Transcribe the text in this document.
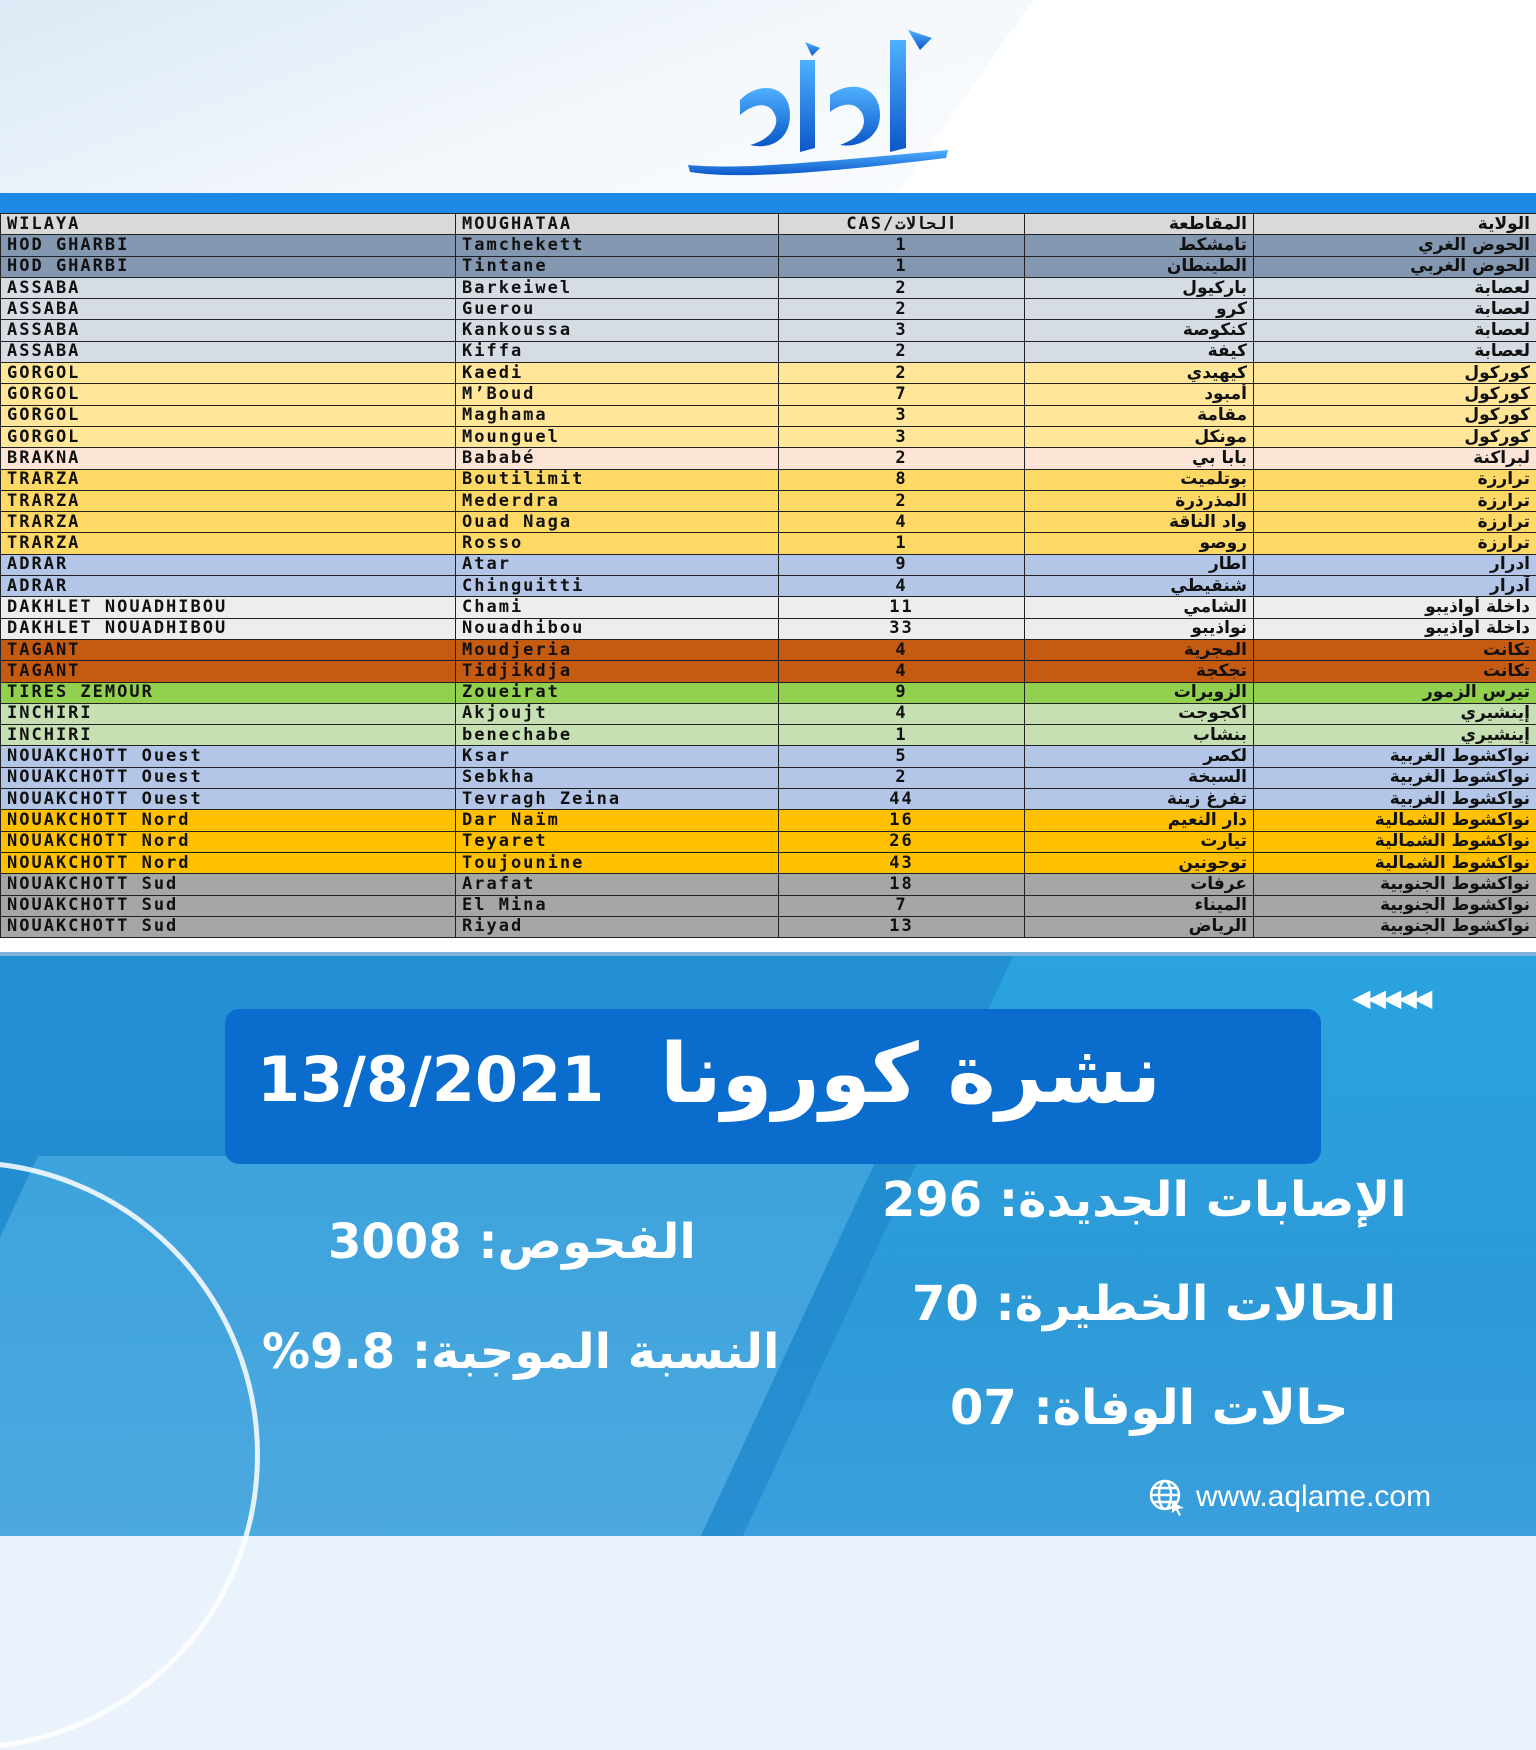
أقلام
WILAYA	MOUGHATAA	CAS/الحالات	المقاطعة	الولاية
HOD GHARBI	Tamchekett	1	تامشكط	الحوض الغري
HOD GHARBI	Tintane	1	الطينطان	الحوض الغربي
ASSABA	Barkeiwel	2	باركيول	لعصابة
ASSABA	Guerou	2	كرو	لعصابة
ASSABA	Kankoussa	3	كنكوصة	لعصابة
ASSABA	Kiffa	2	كيفة	لعصابة
GORGOL	Kaedi	2	كيهيدي	كوركول
GORGOL	M’Boud	7	أمبود	كوركول
GORGOL	Maghama	3	مقامة	كوركول
GORGOL	Mounguel	3	مونكل	كوركول
BRAKNA	Bababé	2	بابا بي	لبراكنة
TRARZA	Boutilimit	8	بوتلميت	ترارزة
TRARZA	Mederdra	2	المذرذرة	ترارزة
TRARZA	Ouad Naga	4	واد الناقة	ترارزة
TRARZA	Rosso	1	روصو	ترارزة
ADRAR	Atar	9	أطار	آدرار
ADRAR	Chinguitti	4	شنقيطي	آدرار
DAKHLET NOUADHIBOU	Chami	11	الشامي	داخلة أواذيبو
DAKHLET NOUADHIBOU	Nouadhibou	33	نواذيبو	داخلة أواذيبو
TAGANT	Moudjeria	4	المجرية	تكانت
TAGANT	Tidjikdja	4	تجكجة	تكانت
TIRES ZEMOUR	Zoueirat	9	الزويرات	تيرس الزمور
INCHIRI	Akjoujt	4	أكجوجت	إينشيري
INCHIRI	benechabe	1	بنشاب	إينشيري
NOUAKCHOTT Ouest	Ksar	5	لكصر	نواكشوط الغربية
NOUAKCHOTT Ouest	Sebkha	2	السبخة	نواكشوط الغربية
NOUAKCHOTT Ouest	Tevragh Zeina	44	تفرغ زينة	نواكشوط الغربية
NOUAKCHOTT Nord	Dar Naïm	16	دار النعيم	نواكشوط الشمالية
NOUAKCHOTT Nord	Teyaret	26	تيارت	نواكشوط الشمالية
NOUAKCHOTT Nord	Toujounine	43	توجونين	نواكشوط الشمالية
NOUAKCHOTT Sud	Arafat	18	عرفات	نواكشوط الجنوبية
NOUAKCHOTT Sud	El Mina	7	الميناء	نواكشوط الجنوبية
NOUAKCHOTT Sud	Riyad	13	الرياض	نواكشوط الجنوبية
◀◀◀◀◀
نشرة كورونا
13/8/2021
296 الإصابات الجديدة:
70 الحالات الخطيرة:
07 حالات الوفاة:
3008 الفحوص:
%9.8 النسبة الموجبة:
www.aqlame.com
